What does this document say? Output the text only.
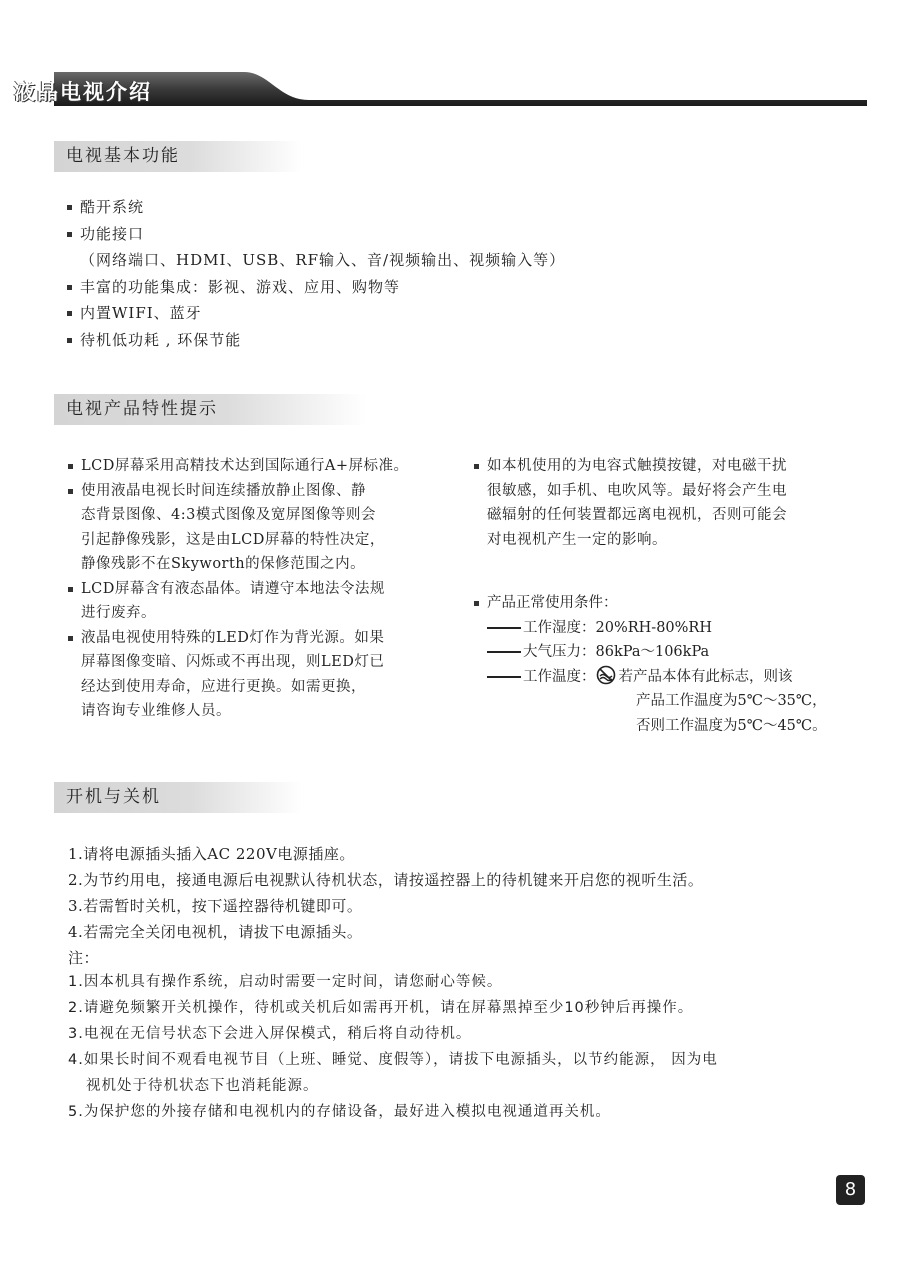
液晶电视介绍
电视基本功能
酷开系统
功能接口
（网络端口、HDMI、USB、RF输入、音/视频输出、视频输入等）
丰富的功能集成：影视、游戏、应用、购物等
内置WIFI、蓝牙
待机低功耗 , 环保节能
电视产品特性提示
LCD屏幕采用高精技术达到国际通行A+屏标准。
使用液晶电视长时间连续播放静止图像、静
态背景图像、4:3模式图像及宽屏图像等则会
引起静像残影，这是由LCD屏幕的特性决定，
静像残影不在Skyworth的保修范围之内。
LCD屏幕含有液态晶体。请遵守本地法令法规
进行废弃。
液晶电视使用特殊的LED灯作为背光源。如果
屏幕图像变暗、闪烁或不再出现，则LED灯已
经达到使用寿命，应进行更换。如需更换，
请咨询专业维修人员。
如本机使用的为电容式触摸按键，对电磁干扰
很敏感，如手机、电吹风等。最好将会产生电
磁辐射的任何装置都远离电视机，否则可能会
对电视机产生一定的影响。
产品正常使用条件：
工作湿度：20%RH-80%RH
大气压力：86kPa～106kPa
工作温度： 若产品本体有此标志，则该
产品工作温度为5℃～35℃，
否则工作温度为5℃～45℃。
开机与关机
1.请将电源插头插入AC 220V电源插座。
2.为节约用电，接通电源后电视默认待机状态，请按遥控器上的待机键来开启您的视听生活。
3.若需暂时关机，按下遥控器待机键即可。
4.若需完全关闭电视机，请拔下电源插头。
注：
1.因本机具有操作系统，启动时需要一定时间，请您耐心等候。
2.请避免频繁开关机操作，待机或关机后如需再开机，请在屏幕黑掉至少10秒钟后再操作。
3.电视在无信号状态下会进入屏保模式，稍后将自动待机。
4.如果长时间不观看电视节目（上班、睡觉、度假等），请拔下电源插头，以节约能源， 因为电
视机处于待机状态下也消耗能源。
5.为保护您的外接存储和电视机内的存储设备，最好进入模拟电视通道再关机。
8
